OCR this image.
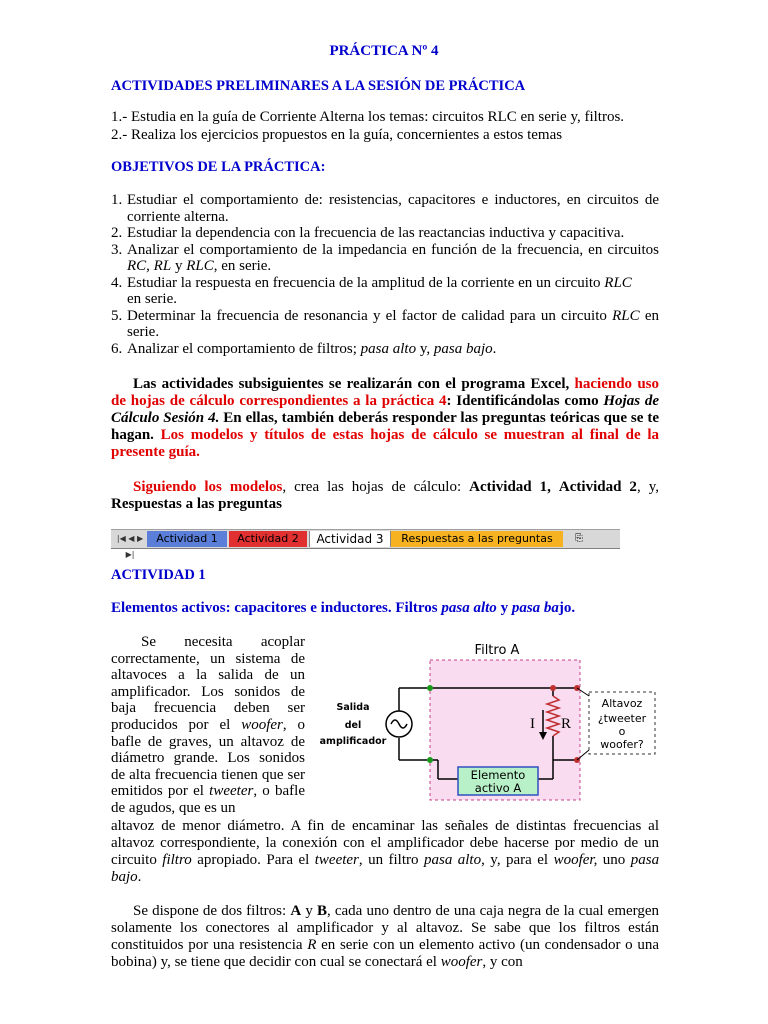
PRÁCTICA Nº 4
ACTIVIDADES PRELIMINARES A LA SESIÓN DE PRÁCTICA
1.- Estudia en la guía de Corriente Alterna los temas: circuitos RLC en serie y, filtros.
2.- Realiza los ejercicios propuestos en la guía, concernientes a estos temas
OBJETIVOS DE LA PRÁCTICA:
1. Estudiar el comportamiento de: resistencias, capacitores e inductores, en circuitos de corriente alterna.
2. Estudiar la dependencia con la frecuencia de las reactancias inductiva y capacitiva.
3. Analizar el comportamiento de la impedancia en función de la frecuencia, en circuitos RC, RL y RLC, en serie.
4. Estudiar la respuesta en frecuencia de la amplitud de la corriente en un circuito RLC
en serie.
5. Determinar la frecuencia de resonancia y el factor de calidad para un circuito RLC en serie.
6. Analizar el comportamiento de filtros; pasa alto y, pasa bajo.
Las actividades subsiguientes se realizarán con el programa Excel, haciendo uso de hojas de cálculo correspondientes a la práctica 4: Identificándolas como Hojas de Cálculo Sesión 4. En ellas, también deberás responder las preguntas teóricas que se te hagan. Los modelos y títulos de estas hojas de cálculo se muestran al final de la presente guía.
Siguiendo los modelos, crea las hojas de cálculo: Actividad 1, Actividad 2, y, Respuestas a las preguntas
|◀ ◀ ▶ ▶|
Actividad 1	Actividad 2	Actividad 3	Respuestas a las preguntas	⎘
ACTIVIDAD 1
Elementos activos: capacitores e inductores. Filtros pasa alto y pasa bajo.
Se necesita acoplar correctamente, un sistema de altavoces a la salida de un amplificador. Los sonidos de baja frecuencia deben ser producidos por el woofer, o bafle de graves, un altavoz de diámetro grande. Los sonidos de alta frecuencia tienen que ser emitidos por el tweeter, o bafle de agudos, que es un
altavoz de menor diámetro. A fin de encaminar las señales de distintas frecuencias al altavoz correspondiente, la conexión con el amplificador debe hacerse por medio de un circuito filtro apropiado. Para el tweeter, un filtro pasa alto, y, para el woofer, uno pasa bajo.
Se dispone de dos filtros: A y B, cada uno dentro de una caja negra de la cual emergen solamente los conectores al amplificador y al altavoz. Se sabe que los filtros están constituidos por una resistencia R en serie con un elemento activo (un condensador o una bobina) y, se tiene que decidir con cual se conectará el woofer, y con
Filtro A
I R
Elemento
activo A
Salida
del
amplificador
Altavoz
¿tweeter
o
woofer?
